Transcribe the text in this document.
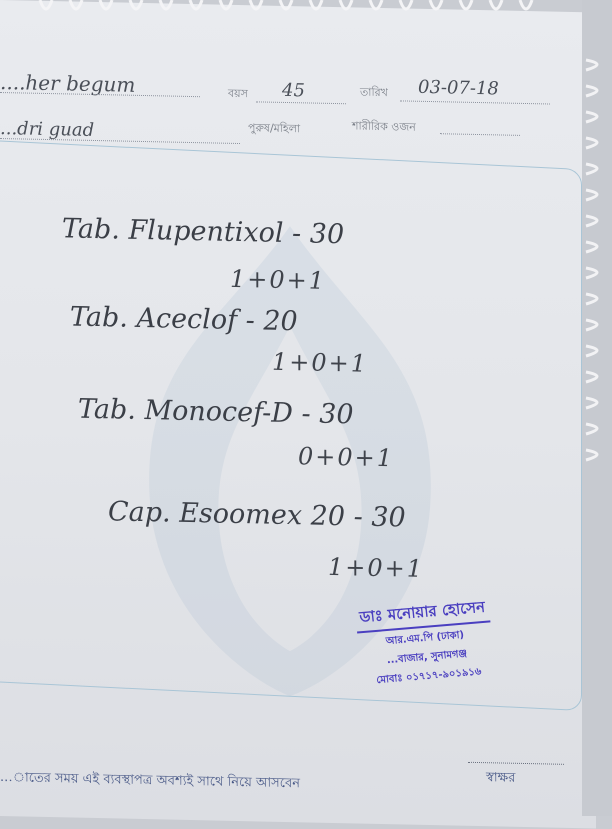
....her begum	বয়স 45	তারিখ 03-07-18
...dri guad	পুরুষ/মহিলা	শারীরিক ওজন
Tab. Flupentixol - 30
1+0+1
Tab. Aceclof - 20
1+0+1
Tab. Monocef-D - 30
0+0+1
Cap. Esoomex 20 - 30
1+0+1
ডাঃ মনোয়ার হোসেন
আর.এম.পি (ঢাকা)
...বাজার, সুনামগঞ্জ
মোবাঃ ০১৭১৭-৯০১৯১৬
স্বাক্ষর
...াতের সময় এই ব্যবস্থাপত্র অবশ্যই সাথে নিয়ে আসবেন
